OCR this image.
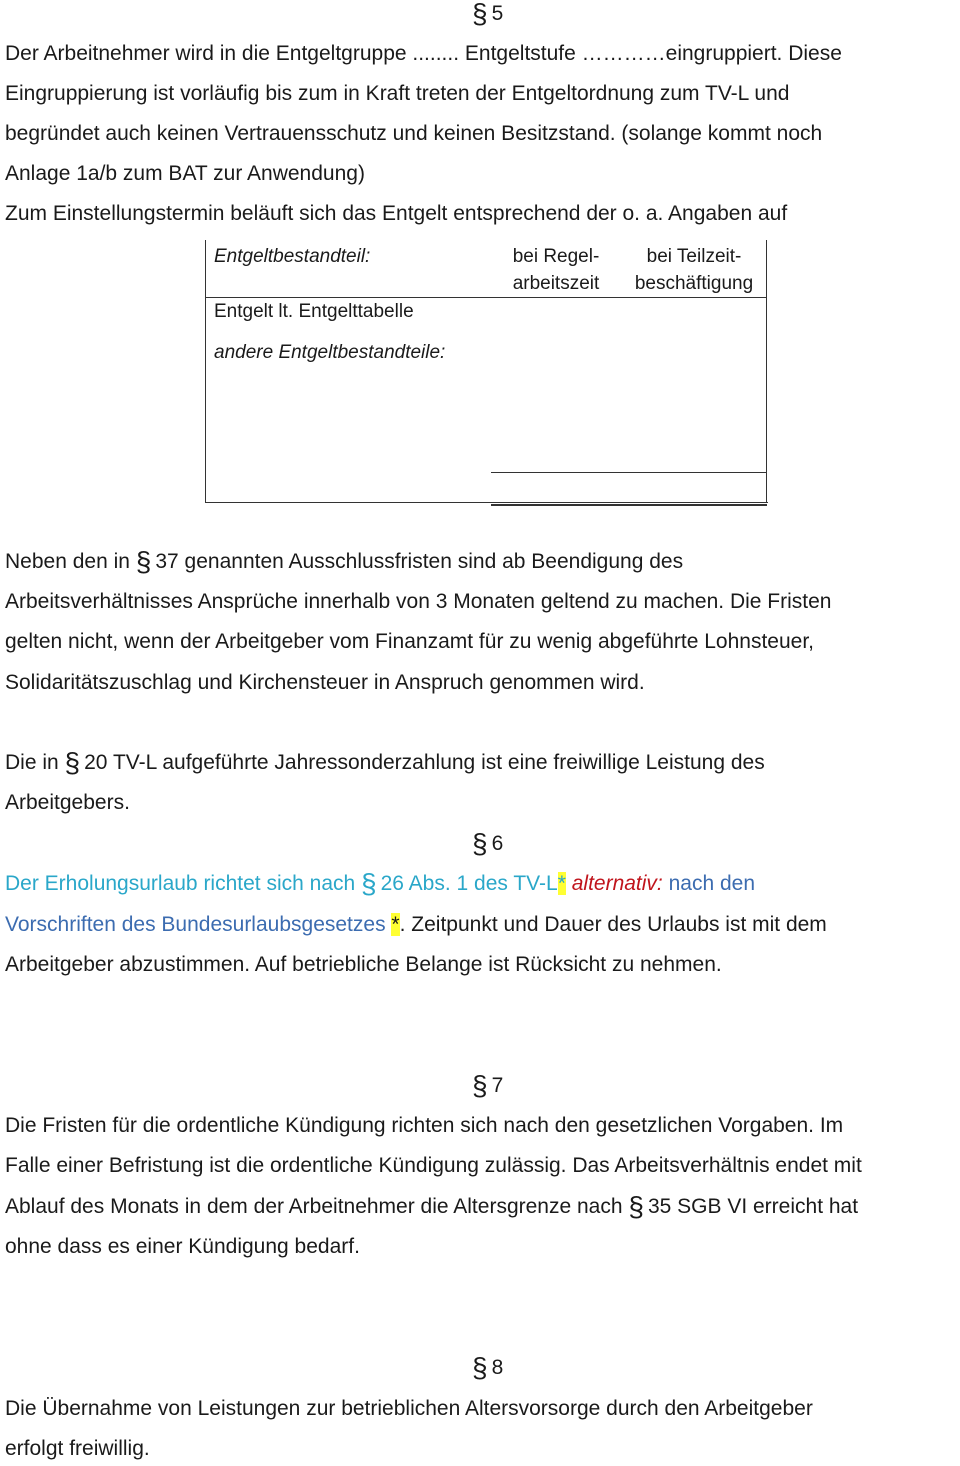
§ 5
Der Arbeitnehmer wird in die Entgeltgruppe ........ Entgeltstufe …………eingruppiert. Diese
Eingruppierung ist vorläufig bis zum in Kraft treten der Entgeltordnung zum TV-L und
begründet auch keinen Vertrauensschutz und keinen Besitzstand. (solange kommt noch
Anlage 1a/b zum BAT zur Anwendung)
Zum Einstellungstermin beläuft sich das Entgelt entsprechend der o. a. Angaben auf
Entgeltbestandteil:	bei Regel-
arbeitszeit
bei Teilzeit-
beschäftigung
Entgelt lt. Entgelttabelle
andere Entgeltbestandteile:
Neben den in § 37 genannten Ausschlussfristen sind ab Beendigung des
Arbeitsverhältnisses Ansprüche innerhalb von 3 Monaten geltend zu machen. Die Fristen
gelten nicht, wenn der Arbeitgeber vom Finanzamt für zu wenig abgeführte Lohnsteuer,
Solidaritätszuschlag und Kirchensteuer in Anspruch genommen wird.
Die in § 20 TV-L aufgeführte Jahressonderzahlung ist eine freiwillige Leistung des
Arbeitgebers.
§ 6
Der Erholungsurlaub richtet sich nach § 26 Abs. 1 des TV-L* alternativ: nach den
Vorschriften des Bundesurlaubsgesetzes *. Zeitpunkt und Dauer des Urlaubs ist mit dem
Arbeitgeber abzustimmen. Auf betriebliche Belange ist Rücksicht zu nehmen.
§ 7
Die Fristen für die ordentliche Kündigung richten sich nach den gesetzlichen Vorgaben. Im
Falle einer Befristung ist die ordentliche Kündigung zulässig. Das Arbeitsverhältnis endet mit
Ablauf des Monats in dem der Arbeitnehmer die Altersgrenze nach § 35 SGB VI erreicht hat
ohne dass es einer Kündigung bedarf.
§ 8
Die Übernahme von Leistungen zur betrieblichen Altersvorsorge durch den Arbeitgeber
erfolgt freiwillig.
